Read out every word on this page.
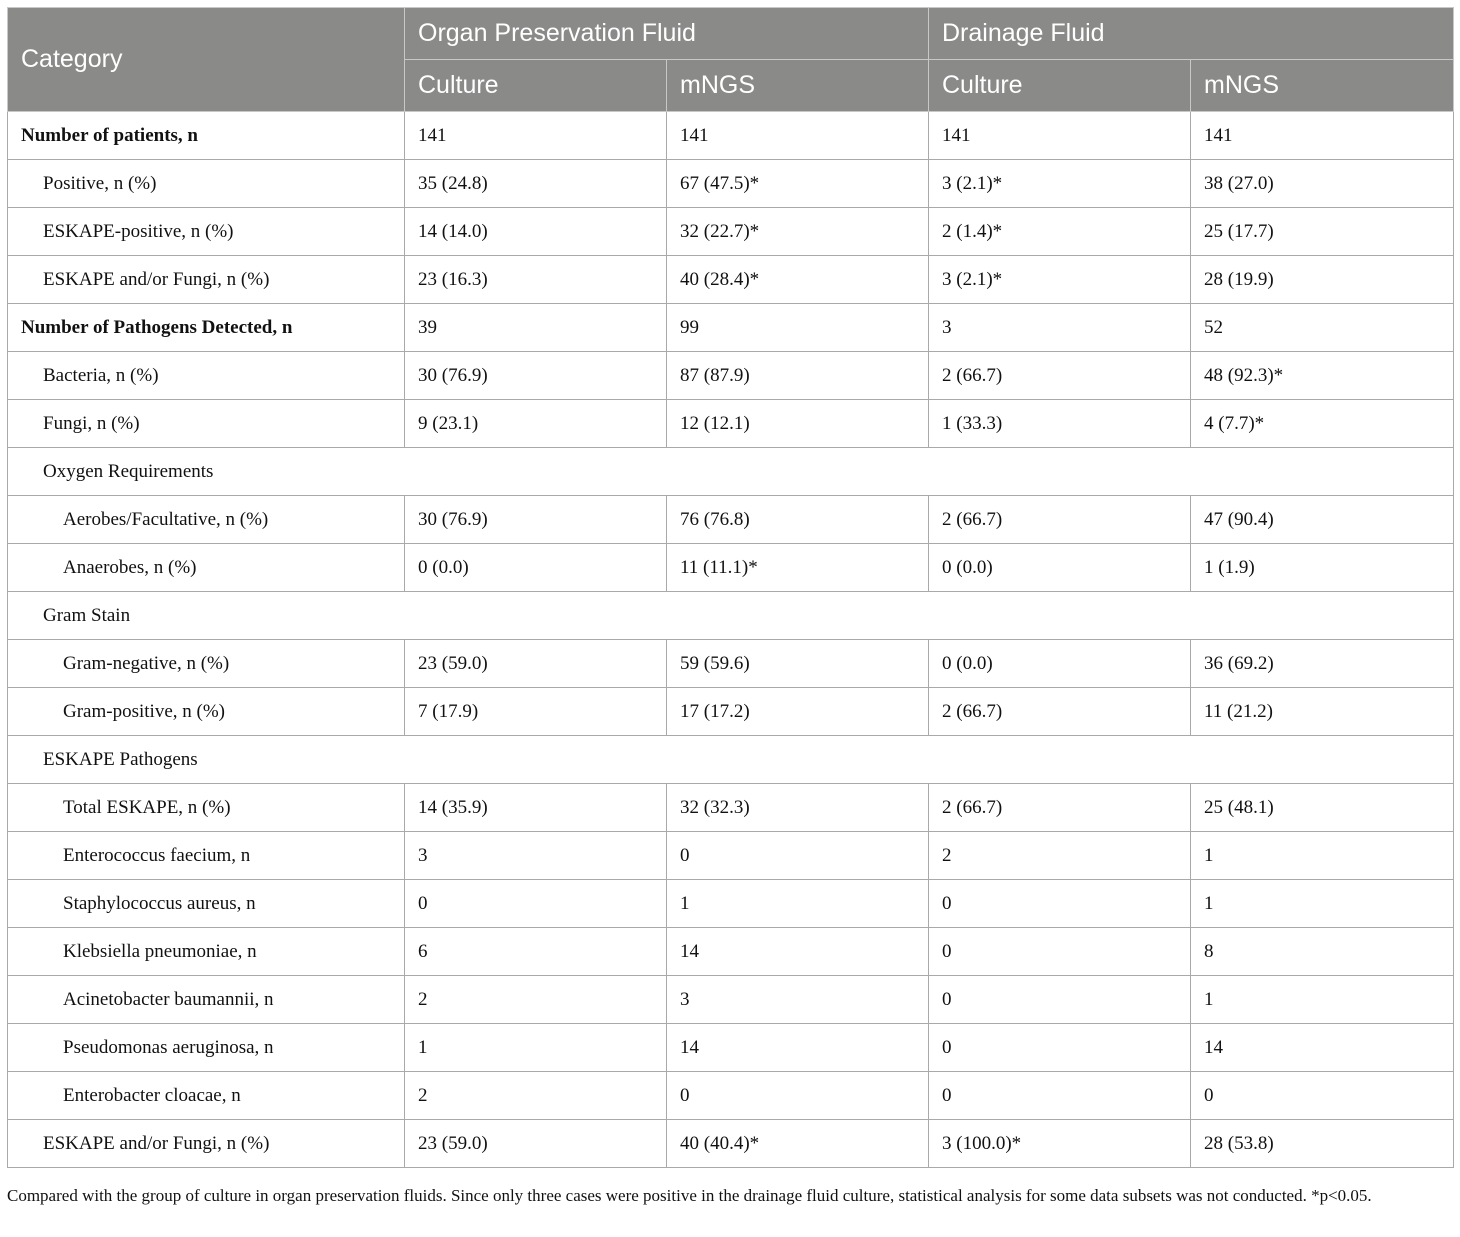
Category	Organ Preservation Fluid		Drainage Fluid	
	Culture	mNGS	Culture	mNGS
Number of patients, n	141	141	141	141
Positive, n (%)	35 (24.8)	67 (47.5)*	3 (2.1)*	38 (27.0)
ESKAPE-positive, n (%)	14 (14.0)	32 (22.7)*	2 (1.4)*	25 (17.7)
ESKAPE and/or Fungi, n (%)	23 (16.3)	40 (28.4)*	3 (2.1)*	28 (19.9)
Number of Pathogens Detected, n	39	99	3	52
Bacteria, n (%)	30 (76.9)	87 (87.9)	2 (66.7)	48 (92.3)*
Fungi, n (%)	9 (23.1)	12 (12.1)	1 (33.3)	4 (7.7)*
Oxygen Requirements				
Aerobes/Facultative, n (%)	30 (76.9)	76 (76.8)	2 (66.7)	47 (90.4)
Anaerobes, n (%)	0 (0.0)	11 (11.1)*	0 (0.0)	1 (1.9)
Gram Stain				
Gram-negative, n (%)	23 (59.0)	59 (59.6)	0 (0.0)	36 (69.2)
Gram-positive, n (%)	7 (17.9)	17 (17.2)	2 (66.7)	11 (21.2)
ESKAPE Pathogens				
Total ESKAPE, n (%)	14 (35.9)	32 (32.3)	2 (66.7)	25 (48.1)
Enterococcus faecium, n	3	0	2	1
Staphylococcus aureus, n	0	1	0	1
Klebsiella pneumoniae, n	6	14	0	8
Acinetobacter baumannii, n	2	3	0	1
Pseudomonas aeruginosa, n	1	14	0	14
Enterobacter cloacae, n	2	0	0	0
ESKAPE and/or Fungi, n (%)	23 (59.0)	40 (40.4)*	3 (100.0)*	28 (53.8)
Compared with the group of culture in organ preservation fluids. Since only three cases were positive in the drainage fluid culture, statistical analysis for some data subsets was not conducted. *p<0.05.
